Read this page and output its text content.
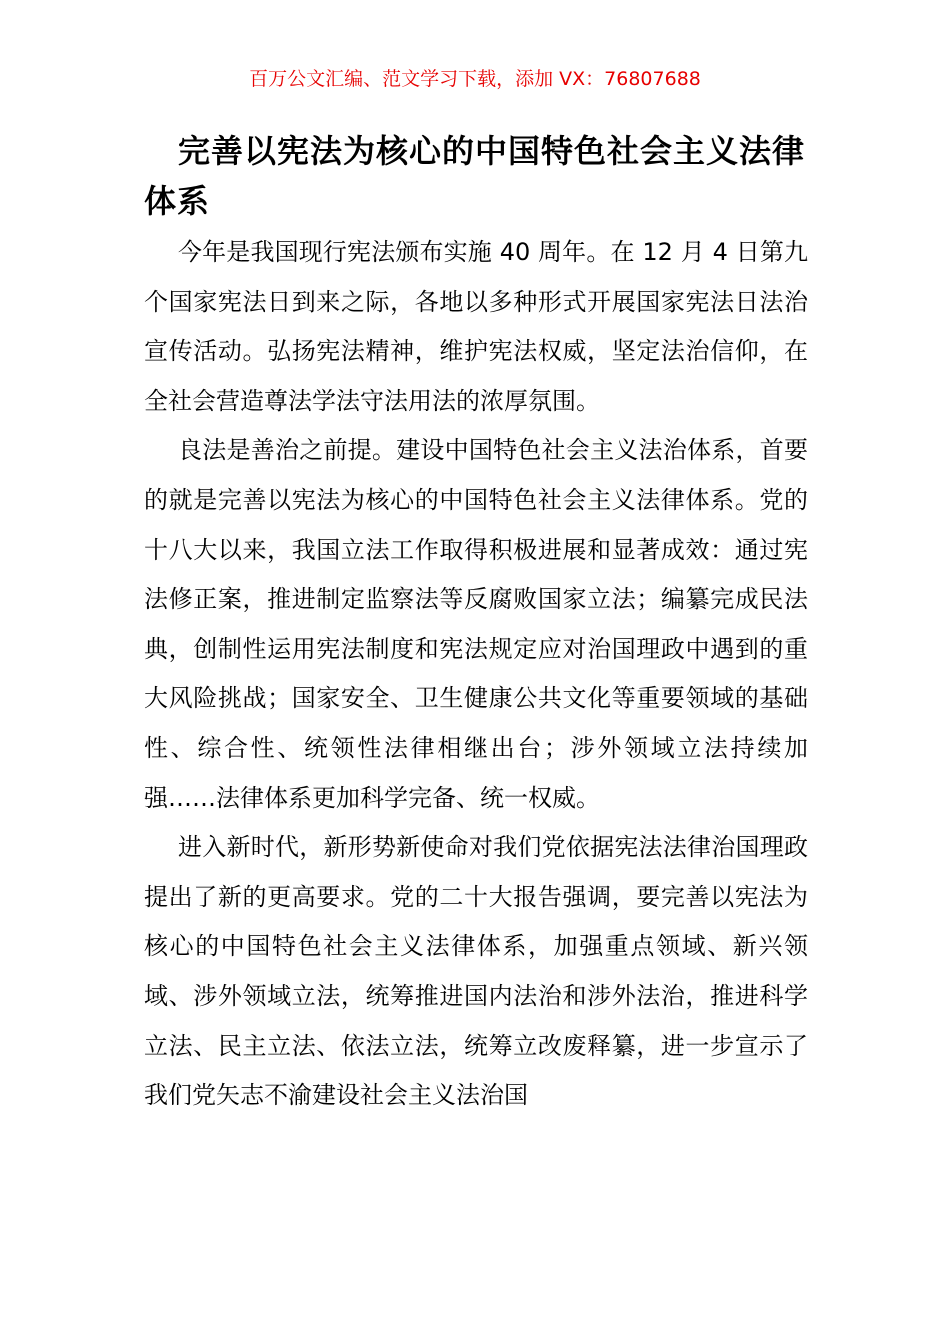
百万公文汇编、范文学习下载，添加 VX：76807688
完善以宪法为核心的中国特色社会主义法律体系

今年是我国现行宪法颁布实施 40 周年。在 12 月 4 日第九个国家宪法日到来之际，各地以多种形式开展国家宪法日法治宣传活动。弘扬宪法精神，维护宪法权威，坚定法治信仰，在全社会营造尊法学法守法用法的浓厚氛围。

良法是善治之前提。建设中国特色社会主义法治体系，首要的就是完善以宪法为核心的中国特色社会主义法律体系。党的十八大以来，我国立法工作取得积极进展和显著成效：通过宪法修正案，推进制定监察法等反腐败国家立法；编纂完成民法典，创制性运用宪法制度和宪法规定应对治国理政中遇到的重大风险挑战；国家安全、卫生健康公共文化等重要领域的基础性、综合性、统领性法律相继出台；涉外领域立法持续加强……法律体系更加科学完备、统一权威。

进入新时代，新形势新使命对我们党依据宪法法律治国理政提出了新的更高要求。党的二十大报告强调，要完善以宪法为核心的中国特色社会主义法律体系，加强重点领域、新兴领域、涉外领域立法，统筹推进国内法治和涉外法治，推进科学立法、民主立法、依法立法，统筹立改废释纂，进一步宣示了我们党矢志不渝建设社会主义法治国
